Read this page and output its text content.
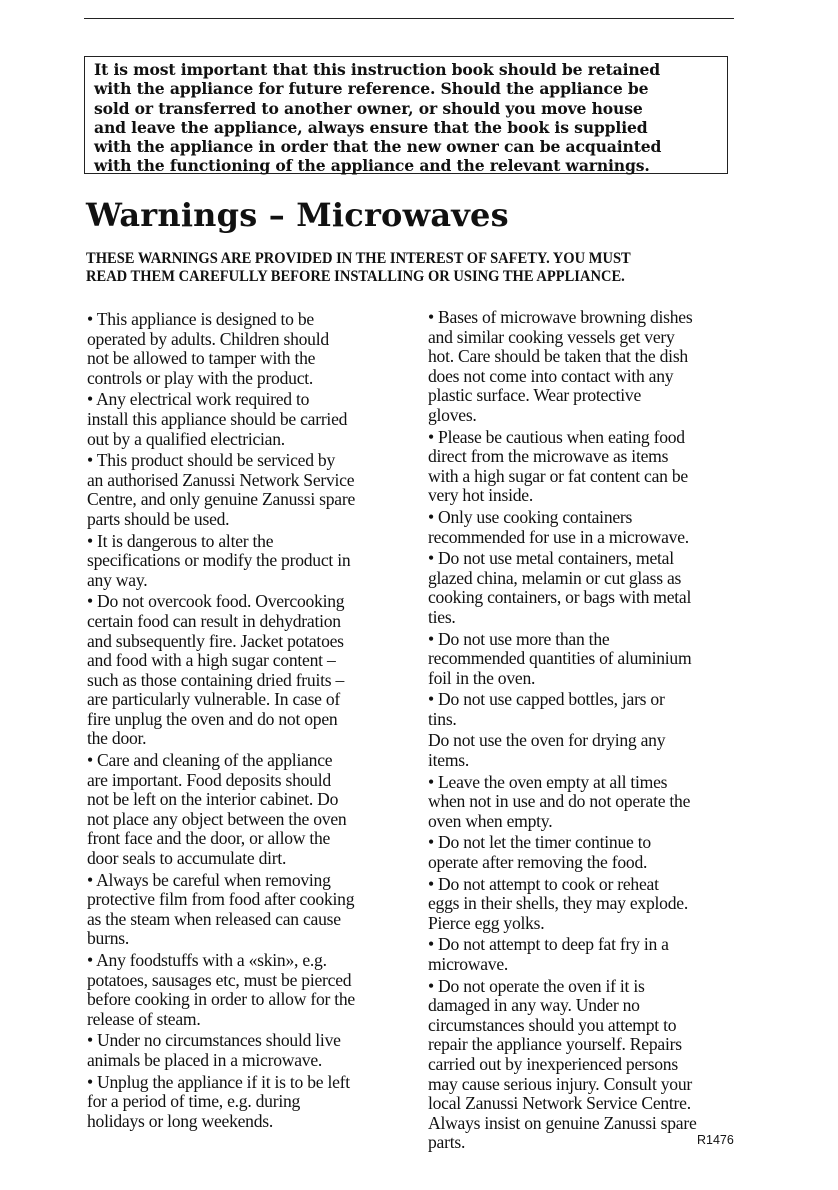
It is most important that this instruction book should be retained
with the appliance for future reference. Should the appliance be
sold or transferred to another owner, or should you move house
and leave the appliance, always ensure that the book is supplied
with the appliance in order that the new owner can be acquainted
with the functioning of the appliance and the relevant warnings.
Warnings – Microwaves
THESE WARNINGS ARE PROVIDED IN THE INTEREST OF SAFETY. YOU MUST
READ THEM CAREFULLY BEFORE INSTALLING OR USING THE APPLIANCE.
• This appliance is designed to be
operated by adults. Children should
not be allowed to tamper with the
controls or play with the product.
• Any electrical work required to
install this appliance should be carried
out by a qualified electrician.
• This product should be serviced by
an authorised Zanussi Network Service
Centre, and only genuine Zanussi spare
parts should be used.
• It is dangerous to alter the
specifications or modify the product in
any way.
• Do not overcook food. Overcooking
certain food can result in dehydration
and subsequently fire. Jacket potatoes
and food with a high sugar content –
such as those containing dried fruits –
are particularly vulnerable. In case of
fire unplug the oven and do not open
the door.
• Care and cleaning of the appliance
are important. Food deposits should
not be left on the interior cabinet. Do
not place any object between the oven
front face and the door, or allow the
door seals to accumulate dirt.
• Always be careful when removing
protective film from food after cooking
as the steam when released can cause
burns.
• Any foodstuffs with a «skin», e.g.
potatoes, sausages etc, must be pierced
before cooking in order to allow for the
release of steam.
• Under no circumstances should live
animals be placed in a microwave.
• Unplug the appliance if it is to be left
for a period of time, e.g. during
holidays or long weekends.
• Bases of microwave browning dishes
and similar cooking vessels get very
hot. Care should be taken that the dish
does not come into contact with any
plastic surface. Wear protective
gloves.
• Please be cautious when eating food
direct from the microwave as items
with a high sugar or fat content can be
very hot inside.
• Only use cooking containers
recommended for use in a microwave.
• Do not use metal containers, metal
glazed china, melamin or cut glass as
cooking containers, or bags with metal
ties.
• Do not use more than the
recommended quantities of aluminium
foil in the oven.
• Do not use capped bottles, jars or
tins.
Do not use the oven for drying any
items.
• Leave the oven empty at all times
when not in use and do not operate the
oven when empty.
• Do not let the timer continue to
operate after removing the food.
• Do not attempt to cook or reheat
eggs in their shells, they may explode.
Pierce egg yolks.
• Do not attempt to deep fat fry in a
microwave.
• Do not operate the oven if it is
damaged in any way. Under no
circumstances should you attempt to
repair the appliance yourself. Repairs
carried out by inexperienced persons
may cause serious injury. Consult your
local Zanussi Network Service Centre.
Always insist on genuine Zanussi spare
parts.	R1476
